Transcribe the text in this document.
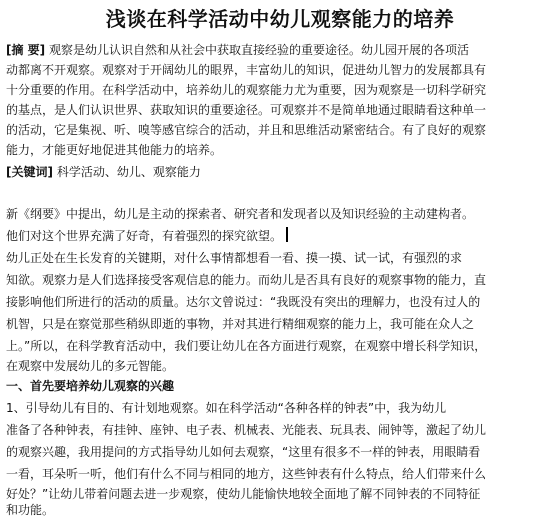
浅谈在科学活动中幼儿观察能力的培养
[摘 要] 观察是幼儿认识自然和从社会中获取直接经验的重要途径。幼儿园开展的各项活
动都离不开观察。观察对于开阔幼儿的眼界，丰富幼儿的知识，促进幼儿智力的发展都具有
十分重要的作用。在科学活动中，培养幼儿的观察能力尤为重要，因为观察是一切科学研究
的基点，是人们认识世界、获取知识的重要途径。可观察并不是简单地通过眼睛看这种单一
的活动，它是集视、听、嗅等感官综合的活动，并且和思维活动紧密结合。有了良好的观察
能力，才能更好地促进其他能力的培养。
[关键词] 科学活动、幼儿、观察能力
新《纲要》中提出，幼儿是主动的探索者、研究者和发现者以及知识经验的主动建构者。
他们对这个世界充满了好奇，有着强烈的探究欲望。
幼儿正处在生长发育的关键期，对什么事情都想看一看、摸一摸、试一试，有强烈的求
知欲。观察力是人们选择接受客观信息的能力。而幼儿是否具有良好的观察事物的能力，直
接影响他们所进行的活动的质量。达尔文曾说过：“我既没有突出的理解力，也没有过人的
机智，只是在察觉那些稍纵即逝的事物，并对其进行精细观察的能力上，我可能在众人之
上。”所以，在科学教育活动中，我们要让幼儿在各方面进行观察，在观察中增长科学知识，
在观察中发展幼儿的多元智能。
一、首先要培养幼儿观察的兴趣
1、引导幼儿有目的、有计划地观察。如在科学活动“各种各样的钟表”中，我为幼儿
准备了各种钟表，有挂钟、座钟、电子表、机械表、光能表、玩具表、闹钟等，激起了幼儿
的观察兴趣，我用提问的方式指导幼儿如何去观察，“这里有很多不一样的钟表，用眼睛看
一看，耳朵听一听，他们有什么不同与相同的地方，这些钟表有什么特点，给人们带来什么
好处？”让幼儿带着问题去进一步观察，使幼儿能愉快地较全面地了解不同钟表的不同特征
和功能。
